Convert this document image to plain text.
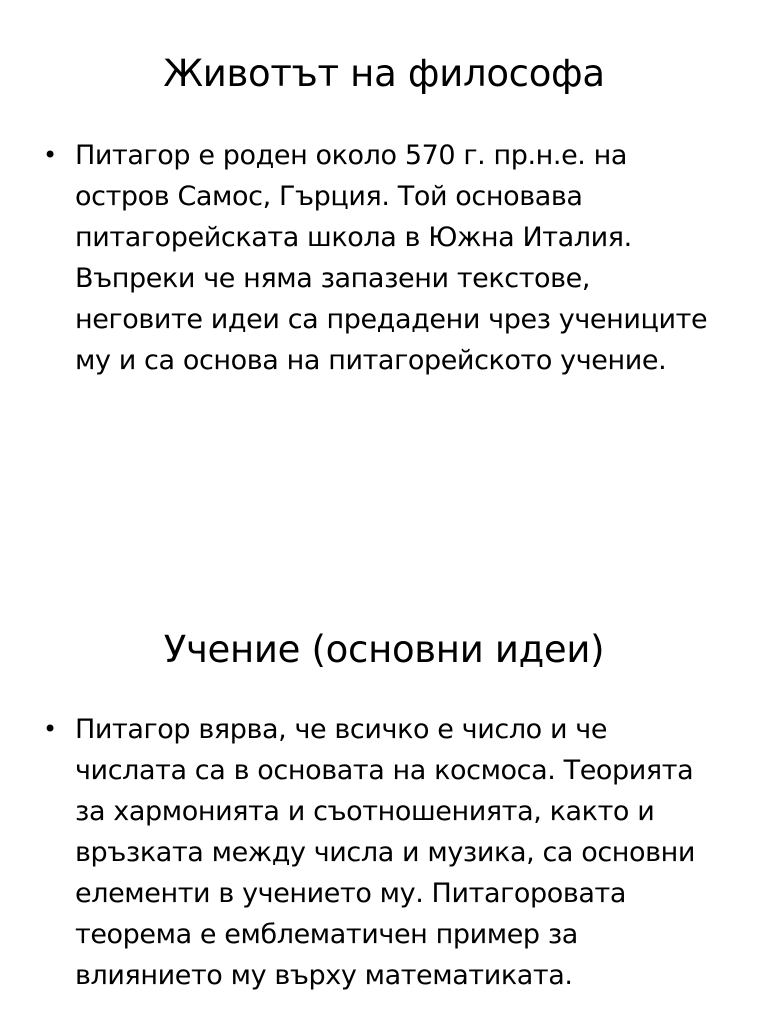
Животът на философа
• Питагор е роден около 570 г. пр.н.е. на остров Самос, Гърция. Той основава питагорейската школа в Южна Италия. Въпреки че няма запазени текстове, неговите идеи са предадени чрез учениците му и са основа на питагорейското учение.
Учение (основни идеи)
• Питагор вярва, че всичко е число и че числата са в основата на космоса. Теорията за хармонията и съотношенията, както и връзката между числа и музика, са основни елементи в учението му. Питагоровата теорема е емблематичен пример за влиянието му върху математиката.
